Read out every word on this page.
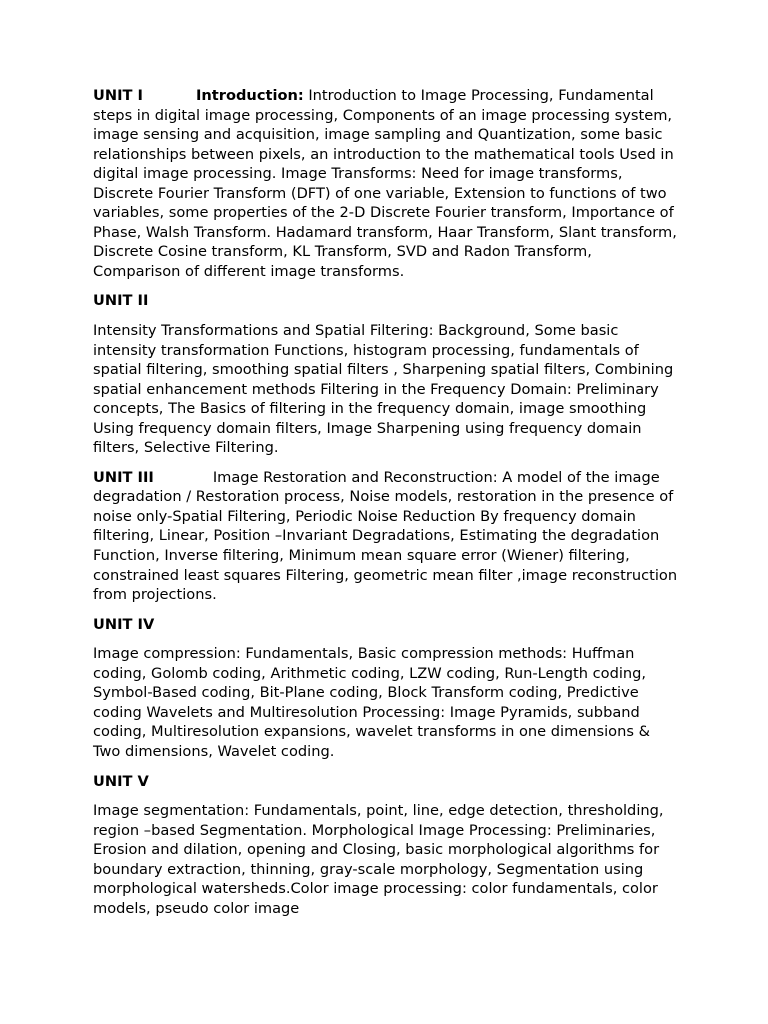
UNIT I	Introduction: Introduction to Image Processing, Fundamental steps in digital image processing, Components of an image processing system, image sensing and acquisition, image sampling and Quantization, some basic relationships between pixels, an introduction to the mathematical tools Used in digital image processing. Image Transforms: Need for image transforms, Discrete Fourier Transform (DFT) of one variable, Extension to functions of two variables, some properties of the 2-D Discrete Fourier transform, Importance of Phase, Walsh Transform. Hadamard transform, Haar Transform, Slant transform, Discrete Cosine transform, KL Transform, SVD and Radon Transform, Comparison of different image transforms.

UNIT II

Intensity Transformations and Spatial Filtering: Background, Some basic intensity transformation Functions, histogram processing, fundamentals of spatial filtering, smoothing spatial filters , Sharpening spatial filters, Combining spatial enhancement methods Filtering in the Frequency Domain: Preliminary concepts, The Basics of filtering in the frequency domain, image smoothing Using frequency domain filters, Image Sharpening using frequency domain filters, Selective Filtering.

UNIT III	Image Restoration and Reconstruction: A model of the image degradation / Restoration process, Noise models, restoration in the presence of noise only-Spatial Filtering, Periodic Noise Reduction By frequency domain filtering, Linear, Position –Invariant Degradations, Estimating the degradation Function, Inverse filtering, Minimum mean square error (Wiener) filtering, constrained least squares Filtering, geometric mean filter ,image reconstruction from projections.

UNIT IV

Image compression: Fundamentals, Basic compression methods: Huffman coding, Golomb coding, Arithmetic coding, LZW coding, Run-Length coding, Symbol-Based coding, Bit-Plane coding, Block Transform coding, Predictive coding Wavelets and Multiresolution Processing: Image Pyramids, subband coding, Multiresolution expansions, wavelet transforms in one dimensions & Two dimensions, Wavelet coding.

UNIT V

Image segmentation: Fundamentals, point, line, edge detection, thresholding, region –based Segmentation. Morphological Image Processing: Preliminaries, Erosion and dilation, opening and Closing, basic morphological algorithms for boundary extraction, thinning, gray-scale morphology, Segmentation using morphological watersheds.Color image processing: color fundamentals, color models, pseudo color image
